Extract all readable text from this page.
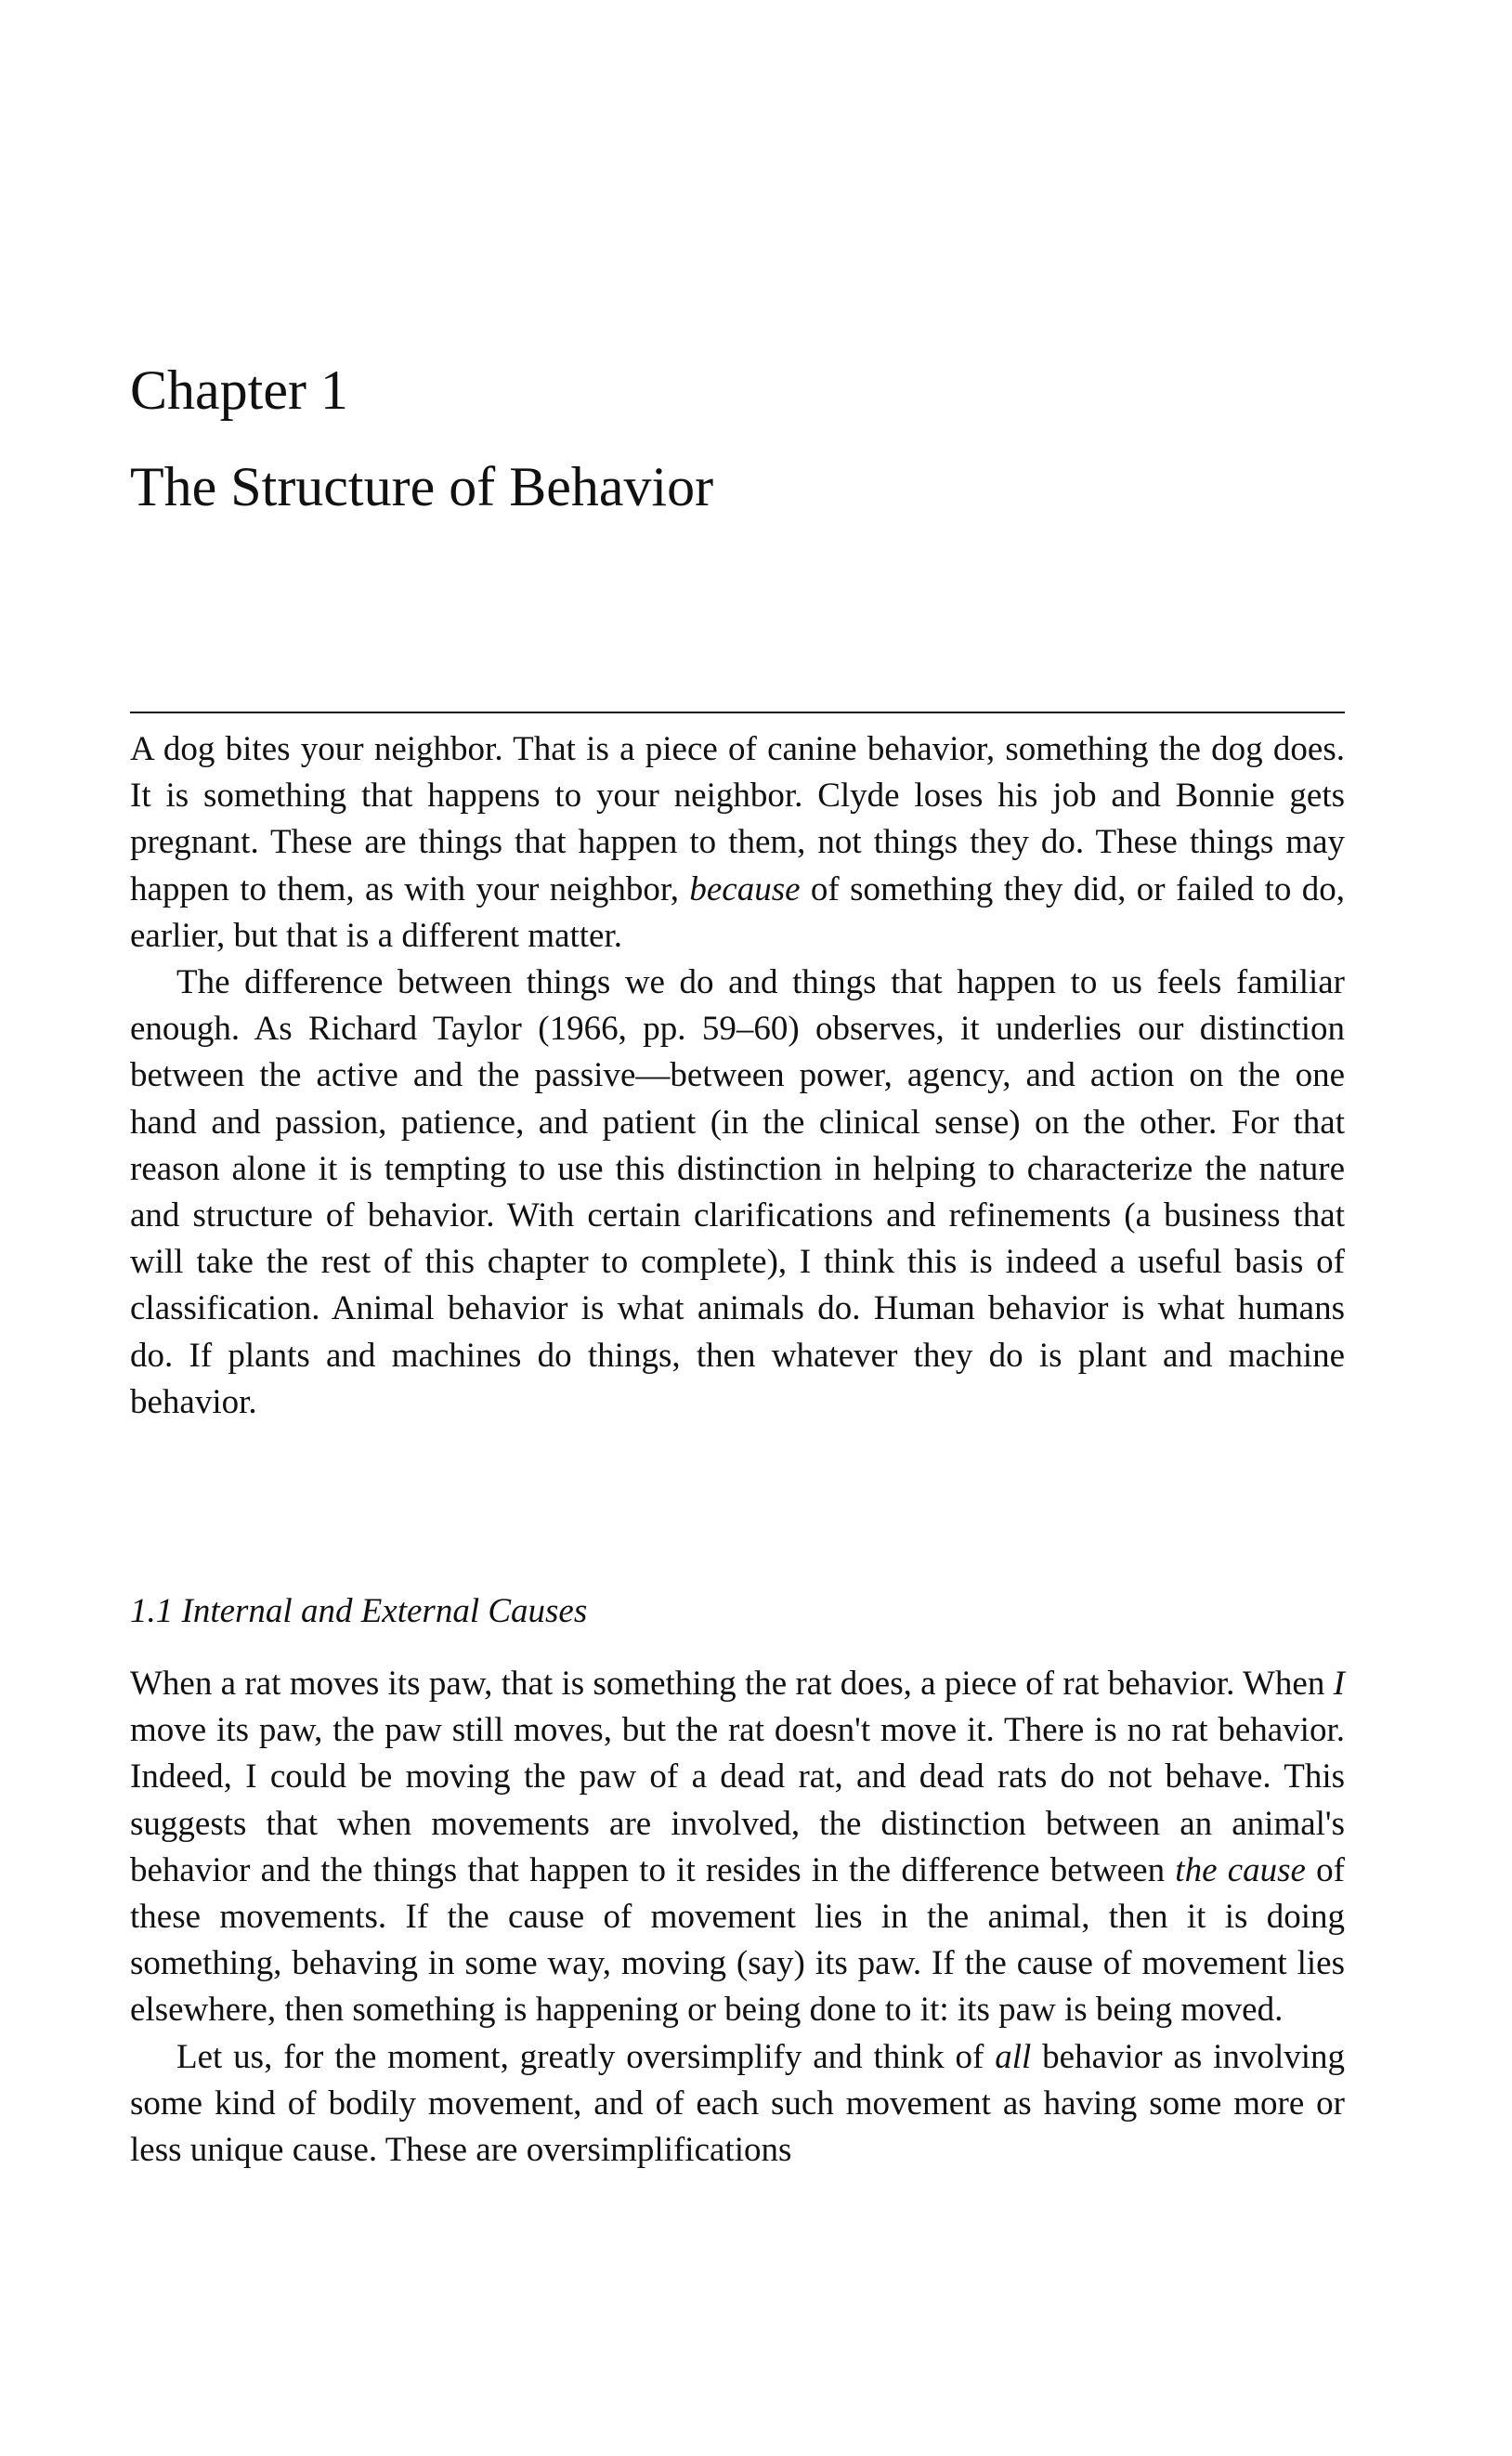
Chapter 1
The Structure of Behavior

A dog bites your neighbor. That is a piece of canine behavior, something the dog does. It is something that happens to your neighbor. Clyde loses his job and Bonnie gets pregnant. These are things that happen to them, not things they do. These things may happen to them, as with your neighbor, because of something they did, or failed to do, earlier, but that is a different matter.

The difference between things we do and things that happen to us feels familiar enough. As Richard Taylor (1966, pp. 59–60) observes, it underlies our distinction between the active and the passive—between power, agency, and action on the one hand and passion, patience, and patient (in the clinical sense) on the other. For that reason alone it is tempting to use this distinction in helping to characterize the nature and structure of behavior. With certain clarifications and refinements (a business that will take the rest of this chapter to complete), I think this is indeed a useful basis of classification. Animal behavior is what animals do. Human behavior is what humans do. If plants and machines do things, then whatever they do is plant and machine behavior.

1.1 Internal and External Causes

When a rat moves its paw, that is something the rat does, a piece of rat behavior. When I move its paw, the paw still moves, but the rat doesn't move it. There is no rat behavior. Indeed, I could be moving the paw of a dead rat, and dead rats do not behave. This suggests that when movements are involved, the distinction between an animal's behavior and the things that happen to it resides in the difference between the cause of these movements. If the cause of movement lies in the animal, then it is doing something, behaving in some way, moving (say) its paw. If the cause of movement lies elsewhere, then something is happening or being done to it: its paw is being moved.

Let us, for the moment, greatly oversimplify and think of all behavior as involving some kind of bodily movement, and of each such movement as having some more or less unique cause. These are oversimplifications
